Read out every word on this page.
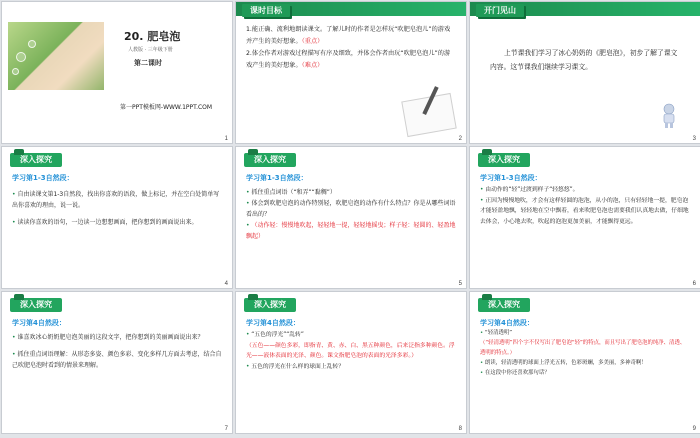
20. 肥皂泡
人教版 · 三年级下册
第二课时
第一PPT模板网-WWW.1PPT.COM
1
课时目标
1.能正确、流利地朗读课文。了解儿时的作者是怎样玩“吹肥皂泡儿”的游戏并产生的美好想象。（重点）
2.体会作者对游戏过程描写有序及细致，并体会作者由玩“吹肥皂泡儿”的游戏产生的美好想象。（难点）
2
开门见山
上节课我们学习了冰心奶奶的《肥皂泡》，初步了解了课文内容。这节课我们继续学习课文。
3
深入探究
学习第1-3自然段：
• 自由读课文第1-3自然段，找出你喜欢的语段，做上标记，并在空白处简单写出你喜欢的理由，说一说。
• 读读你喜欢的语句，一边读一边想想画面，把你想到的画面说出来。
4
深入探究
学习第1-3自然段：
• 抓住重点词语（“和弄”“黏稠”）
• 体会到吹肥皂泡的动作特别轻，吹肥皂泡的动作有什么特点？你是从哪些词语看出的？
• （动作轻：慢慢地吹起，轻轻地一提，轻轻地摇曳；样子轻：轻圆的、轻盈地飘起）
5
深入探究
学习第1-3自然段：
• 由动作的“轻”过渡到样子“轻悠悠”。
• 正因为慢慢地吹，才会有这样轻圆的泡泡，从小的泡，只有轻轻地一提，肥皂泡才能轻盈地飘，轻轻地在空中飘着，看来吹肥皂泡也需要我们认真地去做，仔细地去体会，小心地去吹，吹起的泡泡更加美丽，才能飘得更远。
6
深入探究
学习第4自然段：
• 谁喜欢冰心奶奶肥皂泡美丽的这段文字，把你想到的美丽画面说出来？
• 抓住重点词语理解：从形态多姿、颜色多彩、变化多样几方面去考虑，结合自己吹肥皂泡时看到的情景来理解。
7
深入探究
学习第4自然段：
• “五色的浮光”“乱转”
（五色——颜色多彩，即指青、黄、赤、白、黑五种颜色，后来泛指多种颜色。浮光——液体表面的光泽、颜色。课文指肥皂泡的表面的光泽多彩。）
• 五色的浮光在什么样的球面上乱转？
8
深入探究
学习第4自然段：
• “轻清透明”
（“轻清透明”四个字不仅写出了肥皂泡“轻”的特点，而且写出了肥皂泡的纯净、清透、透明的特点。）
• 朗读，轻清透明的球面上浮光五转，色彩斑斓，多美丽，多神奇啊！
• 在这段中你还喜欢那句话？
9
